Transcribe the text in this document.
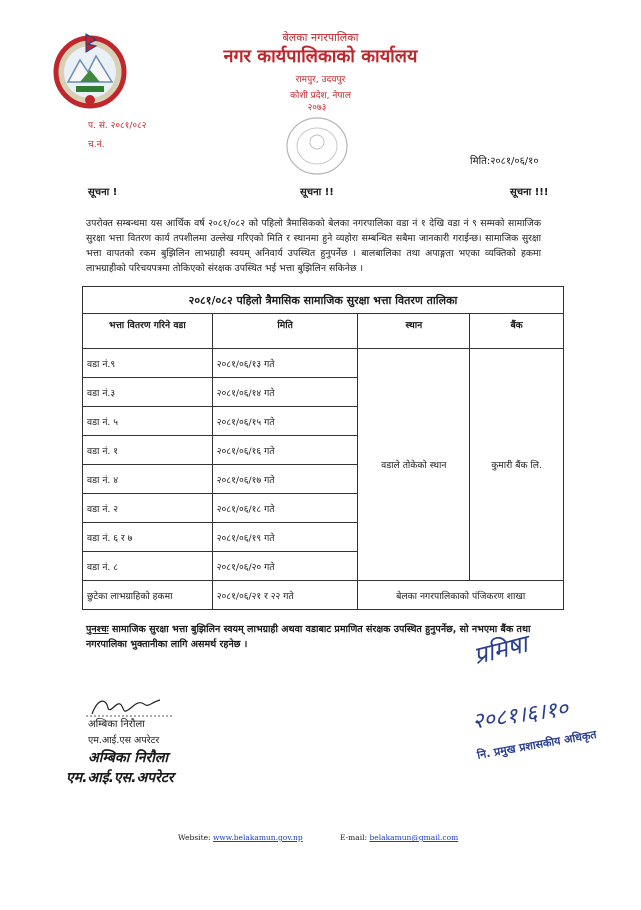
बेलका नगरपालिका
नगर कार्यपालिकाको कार्यालय
रामपुर, उदयपुर
कोशी प्रदेश, नेपाल
२०७३
प. सं. २०८१/०८२
च.नं.
मिति:२०८१/०६/१०
सूचना !	सूचना !!	सूचना !!!
उपरोक्त सम्बन्धमा यस आर्थिक वर्ष २०८१/०८२ को पहिलो त्रैमासिकको बेलका नगरपालिका वडा नं १ देखि वडा नं ९ सम्मको सामाजिक सुरक्षा भत्ता वितरण कार्य तपशीलमा उल्लेख गरिएको मिति र स्थानमा हुने व्यहोरा सम्बन्धित सबैमा जानकारी गराईन्छ। सामाजिक सुरक्षा भत्ता वापतको रकम बुझिलिन लाभग्राही स्वयम् अनिवार्य उपस्थित हुनुपर्नेछ । बालबालिका तथा अपाङ्गता भएका व्यक्तिको हकमा लाभग्राहीको परिचयपत्रमा तोकिएको संरक्षक उपस्थित भई भत्ता बुझिलिन सकिनेछ ।
२०८१/०८२ पहिलो त्रैमासिक सामाजिक सुरक्षा भत्ता वितरण तालिका			
भत्ता वितरण गरिने वडा	मिति	स्थान	बैंक
वडा नं.९	२०८१/०६/१३ गते	वडाले तोकेको स्थान	कुमारी बैंक लि.
वडा नं.३	२०८१/०६/१४ गते		
वडा नं. ५	२०८१/०६/१५ गते		
वडा नं. १	२०८१/०६/१६ गते		
वडा नं. ४	२०८१/०६/१७ गते		
वडा नं. २	२०८१/०६/१८ गते		
वडा नं. ६ र ७	२०८१/०६/१९ गते		
वडा नं. ८	२०८१/०६/२० गते		
छुटेका लाभग्राहिको हकमा	२०८१/०६/२१ र २२ गते	बेलका नगरपालिकाको पंजिकरण शाखा	
पुनश्चः सामाजिक सुरक्षा भत्ता बुझिलिन स्वयम् लाभग्राही अथवा वडाबाट प्रमाणित संरक्षक उपस्थित हुनुपर्नेछ, सो नभएमा बैंक तथा नगरपालिका भुक्तानीका लागि असमर्थ रहनेछ ।
अम्बिका निरौला
एम.आई.एस अपरेटर
अम्बिका निरौला
एम.आई.एस.अपरेटर
प्रमिषा
२०८१।६।१०
नि. प्रमुख प्रशासकीय अधिकृत
Website: www.belakamun.gov.np	E-mail: belakamun@gmail.com
